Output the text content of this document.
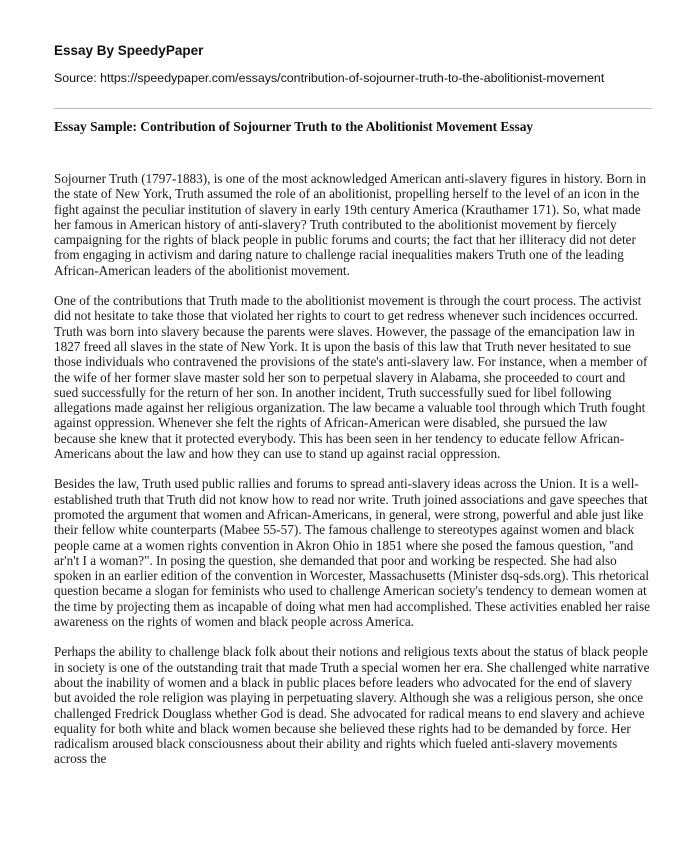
Essay By SpeedyPaper

Source: https://speedypaper.com/essays/contribution-of-sojourner-truth-to-the-abolitionist-movement

Essay Sample: Contribution of Sojourner Truth to the Abolitionist Movement Essay

Sojourner Truth (1797-1883), is one of the most acknowledged American anti-slavery figures in history. Born in the state of New York, Truth assumed the role of an abolitionist, propelling herself to the level of an icon in the fight against the peculiar institution of slavery in early 19th century America (Krauthamer 171). So, what made her famous in American history of anti-slavery? Truth contributed to the abolitionist movement by fiercely campaigning for the rights of black people in public forums and courts; the fact that her illiteracy did not deter from engaging in activism and daring nature to challenge racial inequalities makers Truth one of the leading African-American leaders of the abolitionist movement.

One of the contributions that Truth made to the abolitionist movement is through the court process. The activist did not hesitate to take those that violated her rights to court to get redress whenever such incidences occurred. Truth was born into slavery because the parents were slaves. However, the passage of the emancipation law in 1827 freed all slaves in the state of New York. It is upon the basis of this law that Truth never hesitated to sue those individuals who contravened the provisions of the state's anti-slavery law. For instance, when a member of the wife of her former slave master sold her son to perpetual slavery in Alabama, she proceeded to court and sued successfully for the return of her son. In another incident, Truth successfully sued for libel following allegations made against her religious organization. The law became a valuable tool through which Truth fought against oppression. Whenever she felt the rights of African-American were disabled, she pursued the law because she knew that it protected everybody. This has been seen in her tendency to educate fellow African-Americans about the law and how they can use to stand up against racial oppression.

Besides the law, Truth used public rallies and forums to spread anti-slavery ideas across the Union. It is a well-established truth that Truth did not know how to read nor write. Truth joined associations and gave speeches that promoted the argument that women and African-Americans, in general, were strong, powerful and able just like their fellow white counterparts (Mabee 55-57). The famous challenge to stereotypes against women and black people came at a women rights convention in Akron Ohio in 1851 where she posed the famous question, "and ar'n't I a woman?". In posing the question, she demanded that poor and working be respected. She had also spoken in an earlier edition of the convention in Worcester, Massachusetts (Minister dsq-sds.org). This rhetorical question became a slogan for feminists who used to challenge American society's tendency to demean women at the time by projecting them as incapable of doing what men had accomplished. These activities enabled her raise awareness on the rights of women and black people across America.

Perhaps the ability to challenge black folk about their notions and religious texts about the status of black people in society is one of the outstanding trait that made Truth a special women her era. She challenged white narrative about the inability of women and a black in public places before leaders who advocated for the end of slavery but avoided the role religion was playing in perpetuating slavery. Although she was a religious person, she once challenged Fredrick Douglass whether God is dead. She advocated for radical means to end slavery and achieve equality for both white and black women because she believed these rights had to be demanded by force. Her radicalism aroused black consciousness about their ability and rights which fueled anti-slavery movements across the
